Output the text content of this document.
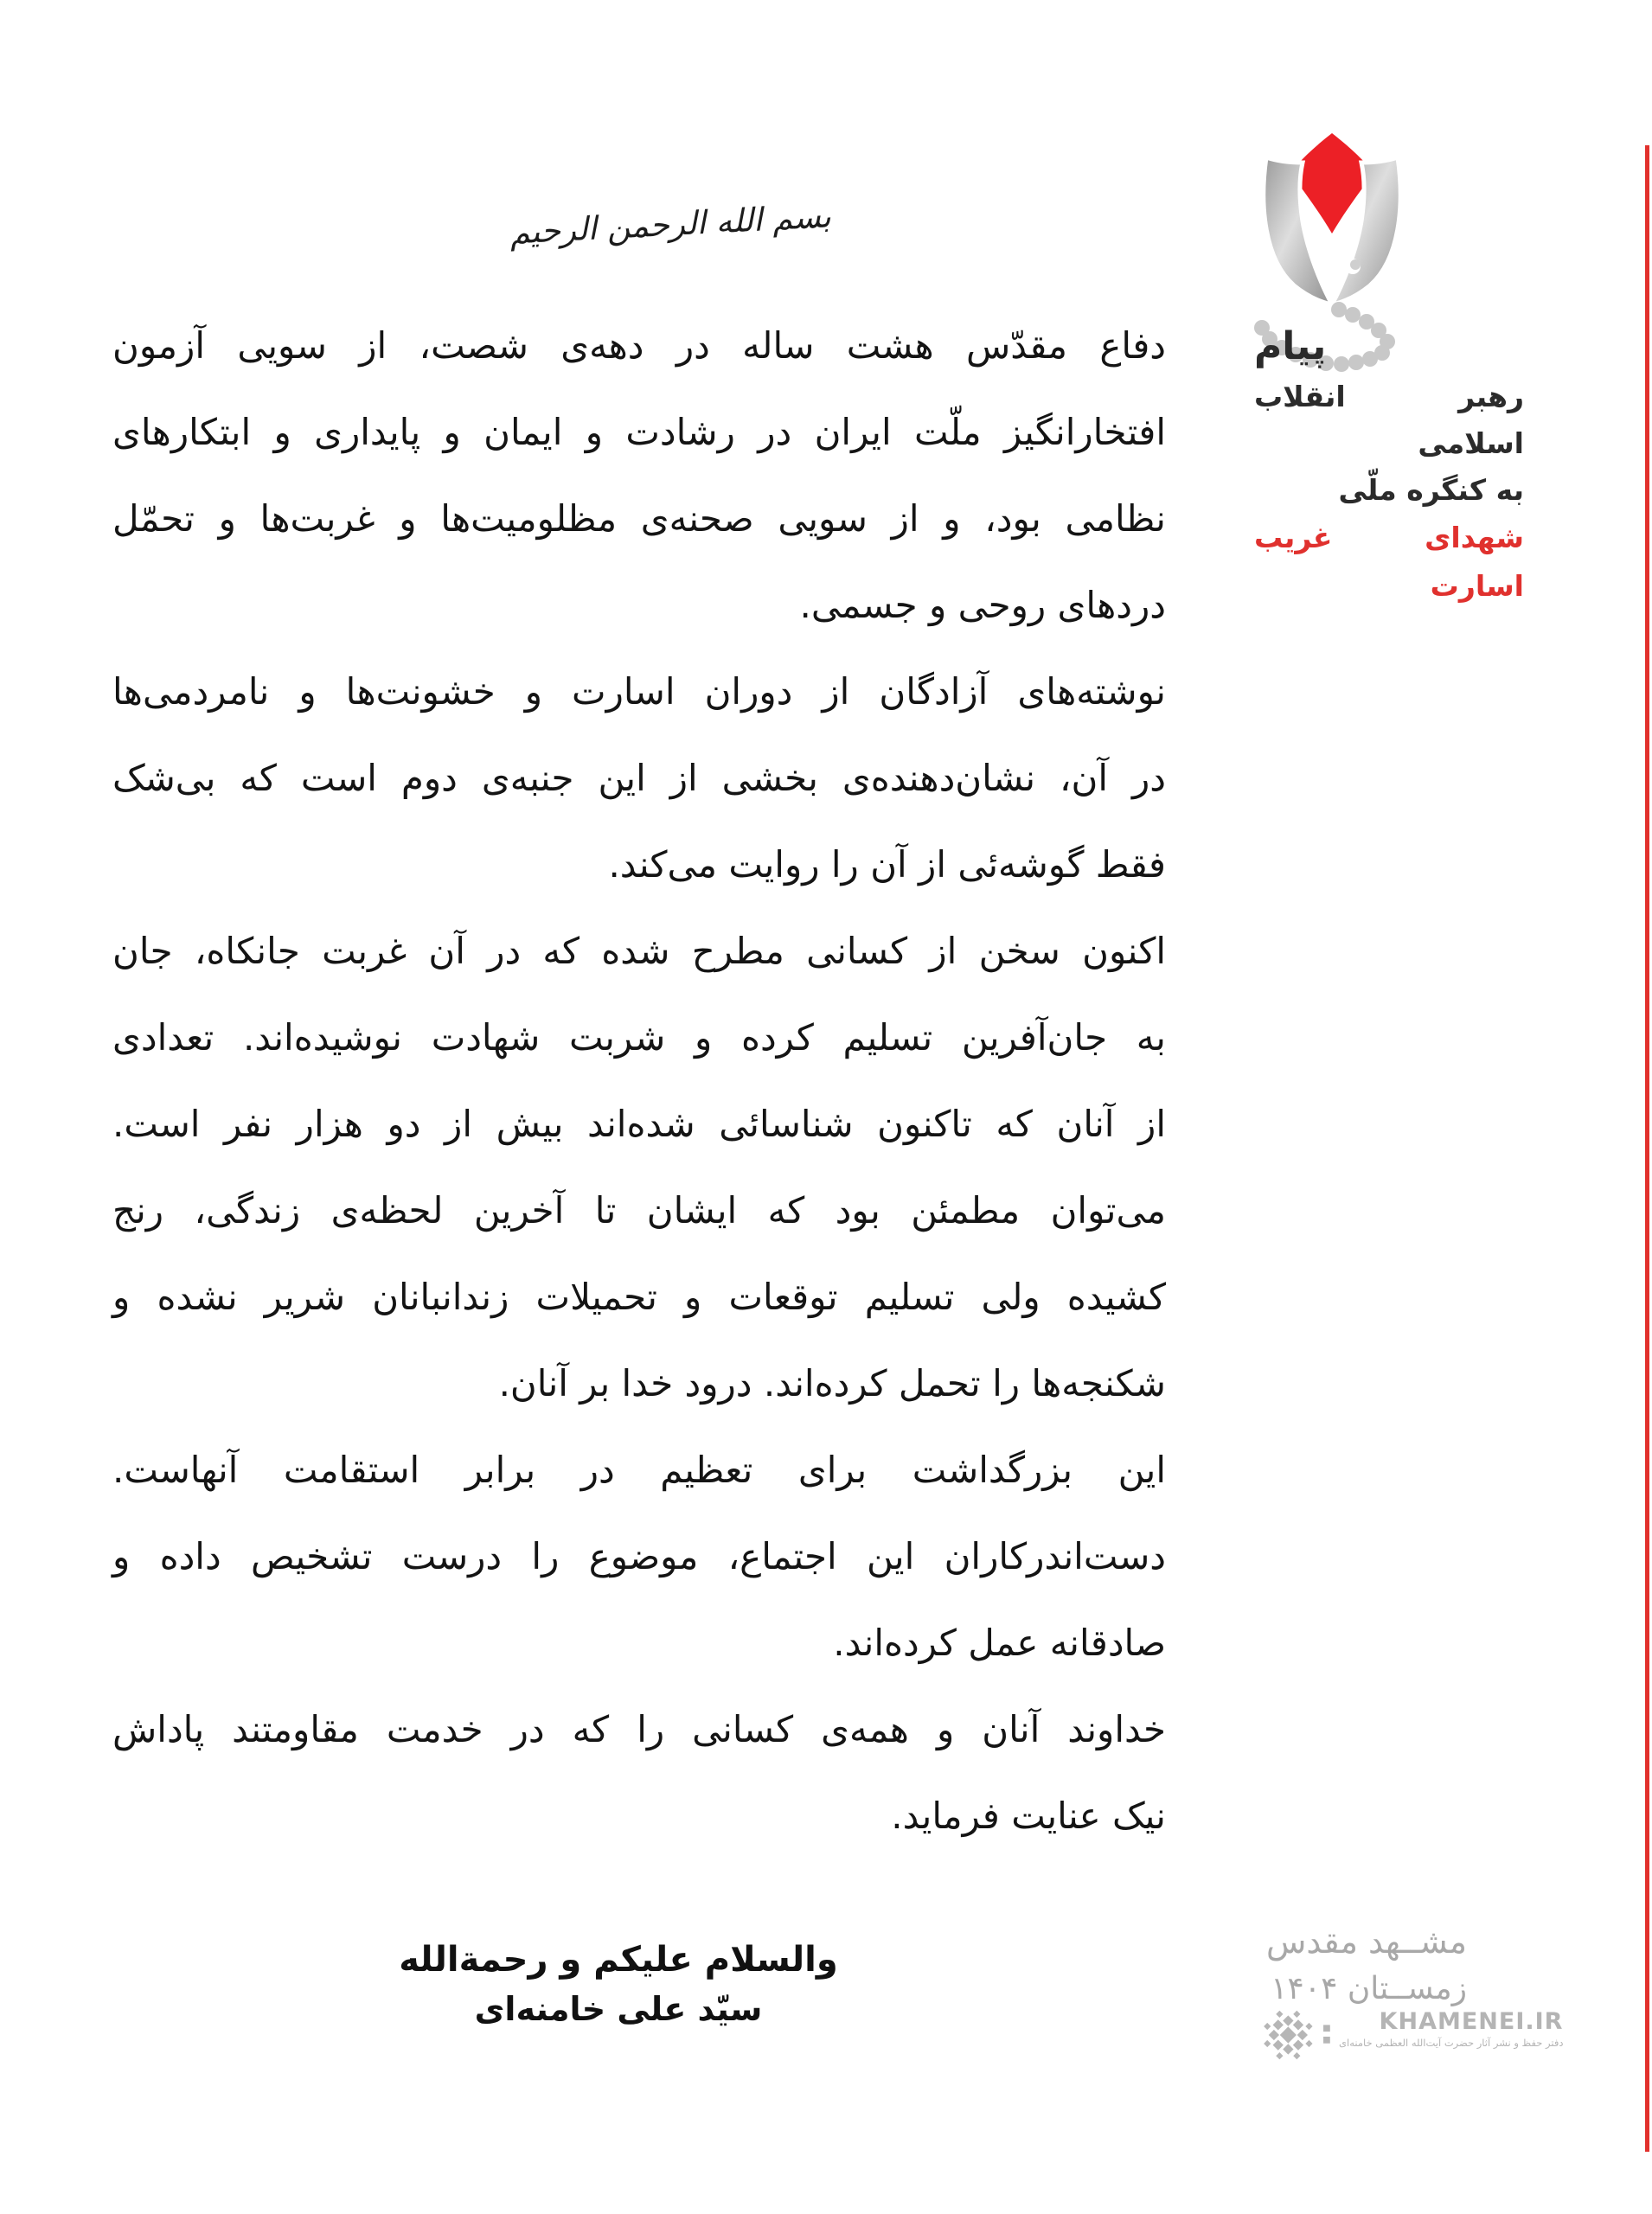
پیام
رهبر انقلاب اسلامی
به کنگره ملّی
شهدای غریب اسارت
بسم الله الرحمن الرحیم
دفاع مقدّس هشت ساله در دهه‌ی شصت، از سویی آزمون
افتخارانگیز ملّت ایران در رشادت و ایمان و پایداری و ابتکارهای
نظامی بود، و از سویی صحنه‌ی مظلومیت‌ها و غربت‌ها و تحمّل
دردهای روحی و جسمی.
نوشته‌های آزادگان از دوران اسارت و خشونت‌ها و نامردمی‌ها
در آن، نشان‌دهنده‌ی بخشی از این جنبه‌ی دوم است که بی‌شک
فقط گوشه‌ئی از آن را روایت می‌کند.
اکنون سخن از کسانی مطرح شده که در آن غربت جانکاه، جان
به جان‌آفرین تسلیم کرده و شربت شهادت نوشیده‌اند. تعدادی
از آنان که تاکنون شناسائی شده‌اند بیش از دو هزار نفر است.
می‌توان مطمئن بود که ایشان تا آخرین لحظه‌ی زندگی، رنج
کشیده ولی تسلیم توقعات و تحمیلات زندانبانان شریر نشده و
شکنجه‌ها را تحمل کرده‌اند. درود خدا بر آنان.
این بزرگداشت برای تعظیم در برابر استقامت آنهاست.
دست‌اندرکاران این اجتماع، موضوع را درست تشخیص داده و
صادقانه عمل کرده‌اند.
خداوند آنان و همه‌ی کسانی را که در خدمت مقاومتند پاداش
نیک عنایت فرماید.
والسلام علیکم و رحمةالله
سیّد علی خامنه‌ای
مشــهد مقدس
زمســتان ۱۴۰۴
KHAMENEI.IR
دفتر حفظ و نشر آثار حضرت آیت‌الله العظمی خامنه‌ای
